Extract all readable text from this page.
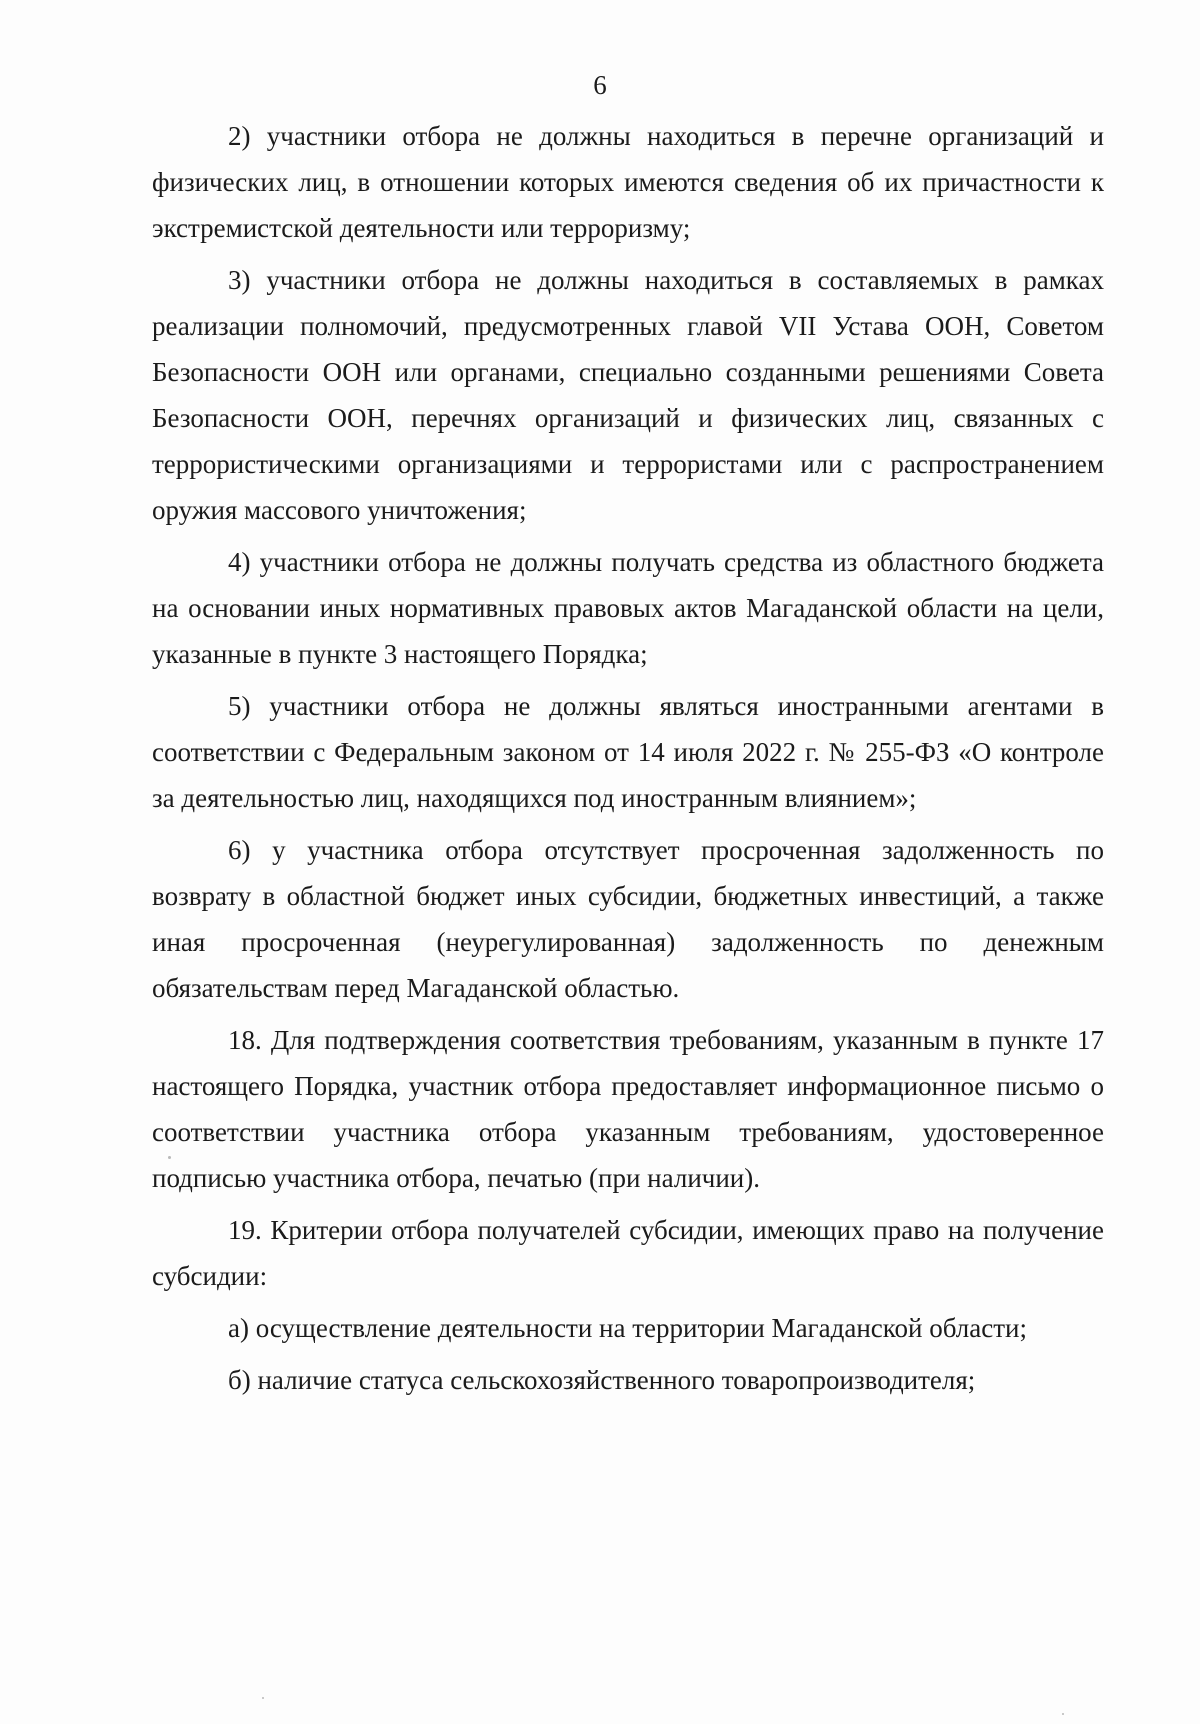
6

2) участники отбора не должны находиться в перечне организаций и физических лиц, в отношении которых имеются сведения об их причастности к экстремистской деятельности или терроризму;

3) участники отбора не должны находиться в составляемых в рамках реализации полномочий, предусмотренных главой VII Устава ООН, Советом Безопасности ООН или органами, специально созданными решениями Совета Безопасности ООН, перечнях организаций и физических лиц, связанных с террористическими организациями и террористами или с распространением оружия массового уничтожения;

4) участники отбора не должны получать средства из областного бюджета на основании иных нормативных правовых актов Магаданской области на цели, указанные в пункте 3 настоящего Порядка;

5) участники отбора не должны являться иностранными агентами в соответствии с Федеральным законом от 14 июля 2022 г. № 255-ФЗ «О контроле за деятельностью лиц, находящихся под иностранным влиянием»;

6) у участника отбора отсутствует просроченная задолженность по возврату в областной бюджет иных субсидии, бюджетных инвестиций, а также иная просроченная (неурегулированная) задолженность по денежным обязательствам перед Магаданской областью.

18. Для подтверждения соответствия требованиям, указанным в пункте 17 настоящего Порядка, участник отбора предоставляет информационное письмо о соответствии участника отбора указанным требованиям, удостоверенное подписью участника отбора, печатью (при наличии).

19. Критерии отбора получателей субсидии, имеющих право на получение субсидии:

а) осуществление деятельности на территории Магаданской области;

б) наличие статуса сельскохозяйственного товаропроизводителя;
